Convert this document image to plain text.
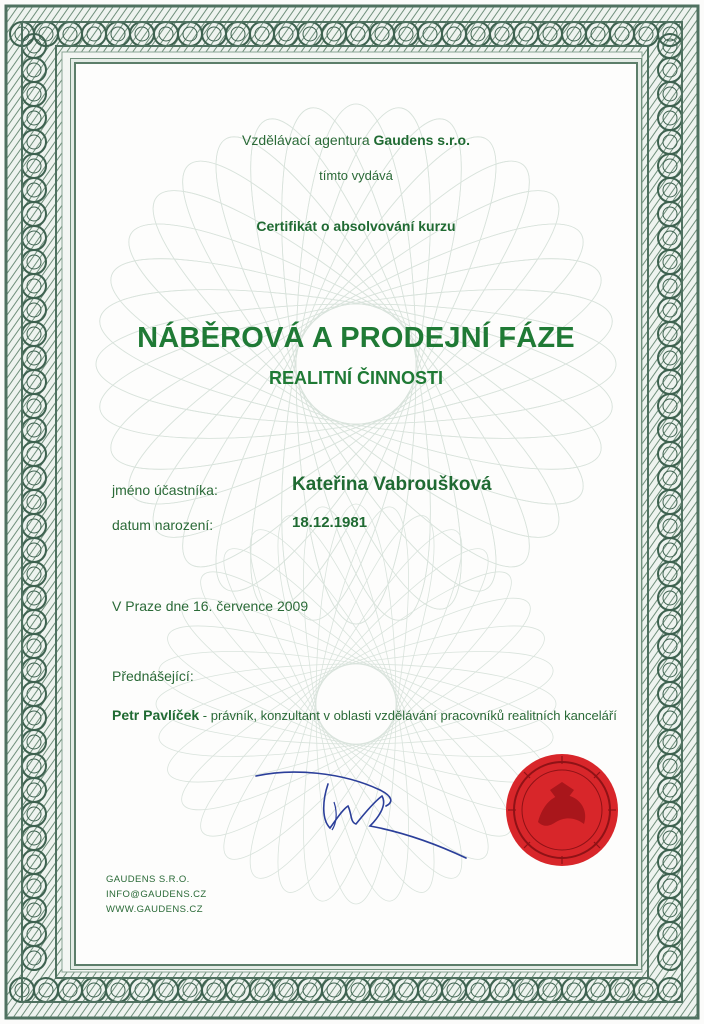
Vzdělávací agentura Gaudens s.r.o.
tímto vydává
Certifikát o absolvování kurzu
NÁBĚROVÁ A PRODEJNÍ FÁZE
REALITNÍ ČINNOSTI
jméno účastníka:	Kateřina Vabroušková
datum narození:	18.12.1981
V Praze dne 16. července 2009
Přednášející:
Petr Pavlíček - právník, konzultant v oblasti vzdělávání pracovníků realitních kanceláří
GAUDENS S.R.O.
INFO@GAUDENS.CZ
WWW.GAUDENS.CZ
